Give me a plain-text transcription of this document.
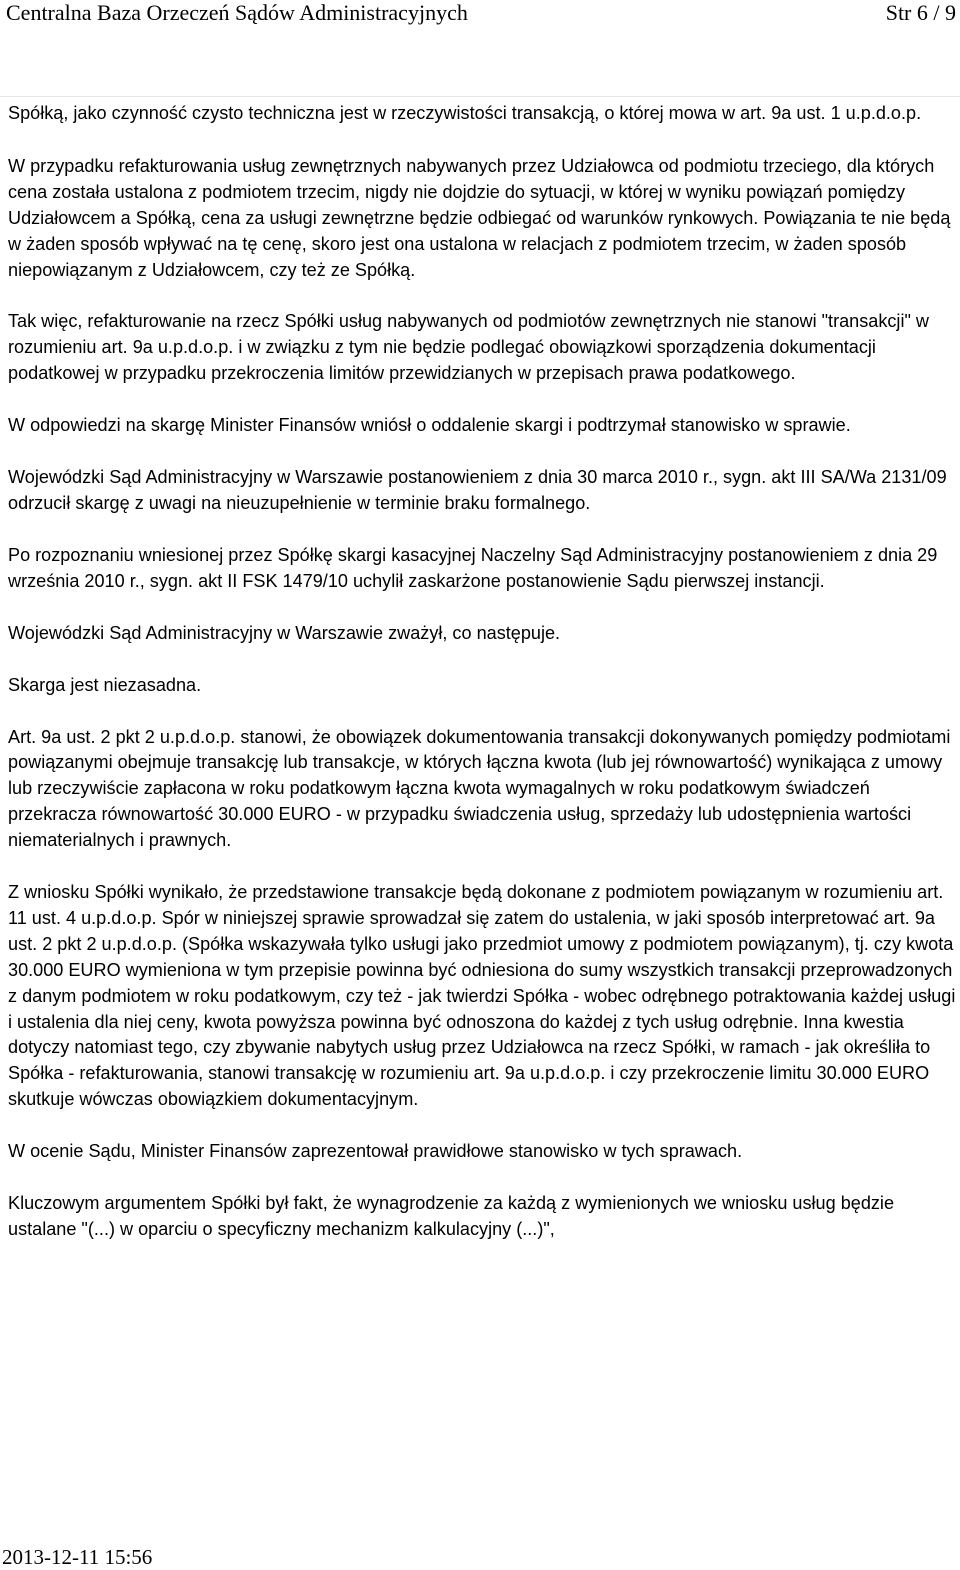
Centralna Baza Orzeczeń Sądów Administracyjnych	Str 6 / 9

Spółką, jako czynność czysto techniczna jest w rzeczywistości transakcją, o której mowa w art. 9a ust. 1 u.p.d.o.p.

W przypadku refakturowania usług zewnętrznych nabywanych przez Udziałowca od podmiotu trzeciego, dla których cena została ustalona z podmiotem trzecim, nigdy nie dojdzie do sytuacji, w której w wyniku powiązań pomiędzy Udziałowcem a Spółką, cena za usługi zewnętrzne będzie odbiegać od warunków rynkowych. Powiązania te nie będą w żaden sposób wpływać na tę cenę, skoro jest ona ustalona w relacjach z podmiotem trzecim, w żaden sposób niepowiązanym z Udziałowcem, czy też ze Spółką.

Tak więc, refakturowanie na rzecz Spółki usług nabywanych od podmiotów zewnętrznych nie stanowi "transakcji" w rozumieniu art. 9a u.p.d.o.p. i w związku z tym nie będzie podlegać obowiązkowi sporządzenia dokumentacji podatkowej w przypadku przekroczenia limitów przewidzianych w przepisach prawa podatkowego.

W odpowiedzi na skargę Minister Finansów wniósł o oddalenie skargi i podtrzymał stanowisko w sprawie.

Wojewódzki Sąd Administracyjny w Warszawie postanowieniem z dnia 30 marca 2010 r., sygn. akt III SA/Wa 2131/09 odrzucił skargę z uwagi na nieuzupełnienie w terminie braku formalnego.

Po rozpoznaniu wniesionej przez Spółkę skargi kasacyjnej Naczelny Sąd Administracyjny postanowieniem z dnia 29 września 2010 r., sygn. akt II FSK 1479/10 uchylił zaskarżone postanowienie Sądu pierwszej instancji.

Wojewódzki Sąd Administracyjny w Warszawie zważył, co następuje.

Skarga jest niezasadna.

Art. 9a ust. 2 pkt 2 u.p.d.o.p. stanowi, że obowiązek dokumentowania transakcji dokonywanych pomiędzy podmiotami powiązanymi obejmuje transakcję lub transakcje, w których łączna kwota (lub jej równowartość) wynikająca z umowy lub rzeczywiście zapłacona w roku podatkowym łączna kwota wymagalnych w roku podatkowym świadczeń przekracza równowartość 30.000 EURO - w przypadku świadczenia usług, sprzedaży lub udostępnienia wartości niematerialnych i prawnych.

Z wniosku Spółki wynikało, że przedstawione transakcje będą dokonane z podmiotem powiązanym w rozumieniu art. 11 ust. 4 u.p.d.o.p. Spór w niniejszej sprawie sprowadzał się zatem do ustalenia, w jaki sposób interpretować art. 9a ust. 2 pkt 2 u.p.d.o.p. (Spółka wskazywała tylko usługi jako przedmiot umowy z podmiotem powiązanym), tj. czy kwota 30.000 EURO wymieniona w tym przepisie powinna być odniesiona do sumy wszystkich transakcji przeprowadzonych z danym podmiotem w roku podatkowym, czy też - jak twierdzi Spółka - wobec odrębnego potraktowania każdej usługi i ustalenia dla niej ceny, kwota powyższa powinna być odnoszona do każdej z tych usług odrębnie. Inna kwestia dotyczy natomiast tego, czy zbywanie nabytych usług przez Udziałowca na rzecz Spółki, w ramach - jak określiła to Spółka - refakturowania, stanowi transakcję w rozumieniu art. 9a u.p.d.o.p. i czy przekroczenie limitu 30.000 EURO skutkuje wówczas obowiązkiem dokumentacyjnym.

W ocenie Sądu, Minister Finansów zaprezentował prawidłowe stanowisko w tych sprawach.

Kluczowym argumentem Spółki był fakt, że wynagrodzenie za każdą z wymienionych we wniosku usług będzie ustalane "(...) w oparciu o specyficzny mechanizm kalkulacyjny (...)",

2013-12-11 15:56
